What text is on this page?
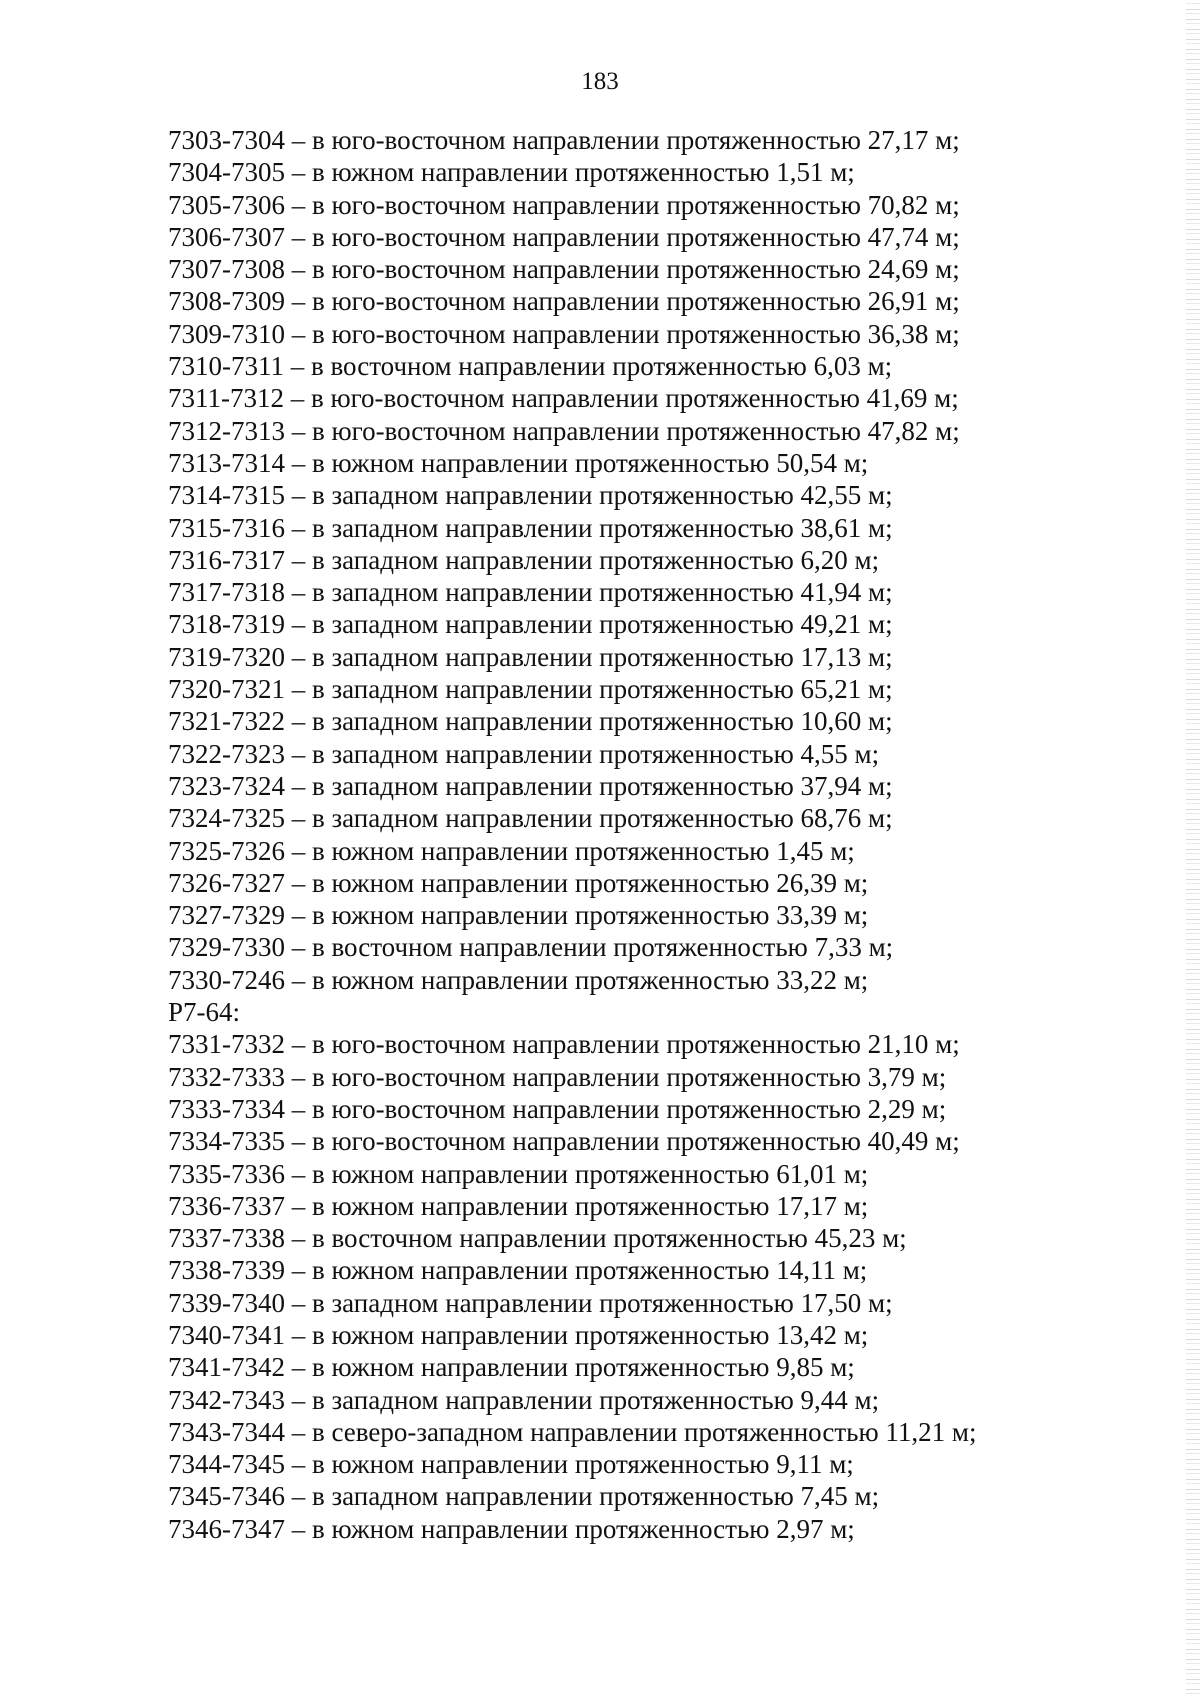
183
7303-7304 – в юго-восточном направлении протяженностью 27,17 м;
7304-7305 – в южном направлении протяженностью 1,51 м;
7305-7306 – в юго-восточном направлении протяженностью 70,82 м;
7306-7307 – в юго-восточном направлении протяженностью 47,74 м;
7307-7308 – в юго-восточном направлении протяженностью 24,69 м;
7308-7309 – в юго-восточном направлении протяженностью 26,91 м;
7309-7310 – в юго-восточном направлении протяженностью 36,38 м;
7310-7311 – в восточном направлении протяженностью 6,03 м;
7311-7312 – в юго-восточном направлении протяженностью 41,69 м;
7312-7313 – в юго-восточном направлении протяженностью 47,82 м;
7313-7314 – в южном направлении протяженностью 50,54 м;
7314-7315 – в западном направлении протяженностью 42,55 м;
7315-7316 – в западном направлении протяженностью 38,61 м;
7316-7317 – в западном направлении протяженностью 6,20 м;
7317-7318 – в западном направлении протяженностью 41,94 м;
7318-7319 – в западном направлении протяженностью 49,21 м;
7319-7320 – в западном направлении протяженностью 17,13 м;
7320-7321 – в западном направлении протяженностью 65,21 м;
7321-7322 – в западном направлении протяженностью 10,60 м;
7322-7323 – в западном направлении протяженностью 4,55 м;
7323-7324 – в западном направлении протяженностью 37,94 м;
7324-7325 – в западном направлении протяженностью 68,76 м;
7325-7326 – в южном направлении протяженностью 1,45 м;
7326-7327 – в южном направлении протяженностью 26,39 м;
7327-7329 – в южном направлении протяженностью 33,39 м;
7329-7330 – в восточном направлении протяженностью 7,33 м;
7330-7246 – в южном направлении протяженностью 33,22 м;
Р7-64:
7331-7332 – в юго-восточном направлении протяженностью 21,10 м;
7332-7333 – в юго-восточном направлении протяженностью 3,79 м;
7333-7334 – в юго-восточном направлении протяженностью 2,29 м;
7334-7335 – в юго-восточном направлении протяженностью 40,49 м;
7335-7336 – в южном направлении протяженностью 61,01 м;
7336-7337 – в южном направлении протяженностью 17,17 м;
7337-7338 – в восточном направлении протяженностью 45,23 м;
7338-7339 – в южном направлении протяженностью 14,11 м;
7339-7340 – в западном направлении протяженностью 17,50 м;
7340-7341 – в южном направлении протяженностью 13,42 м;
7341-7342 – в южном направлении протяженностью 9,85 м;
7342-7343 – в западном направлении протяженностью 9,44 м;
7343-7344 – в северо-западном направлении протяженностью 11,21 м;
7344-7345 – в южном направлении протяженностью 9,11 м;
7345-7346 – в западном направлении протяженностью 7,45 м;
7346-7347 – в южном направлении протяженностью 2,97 м;
